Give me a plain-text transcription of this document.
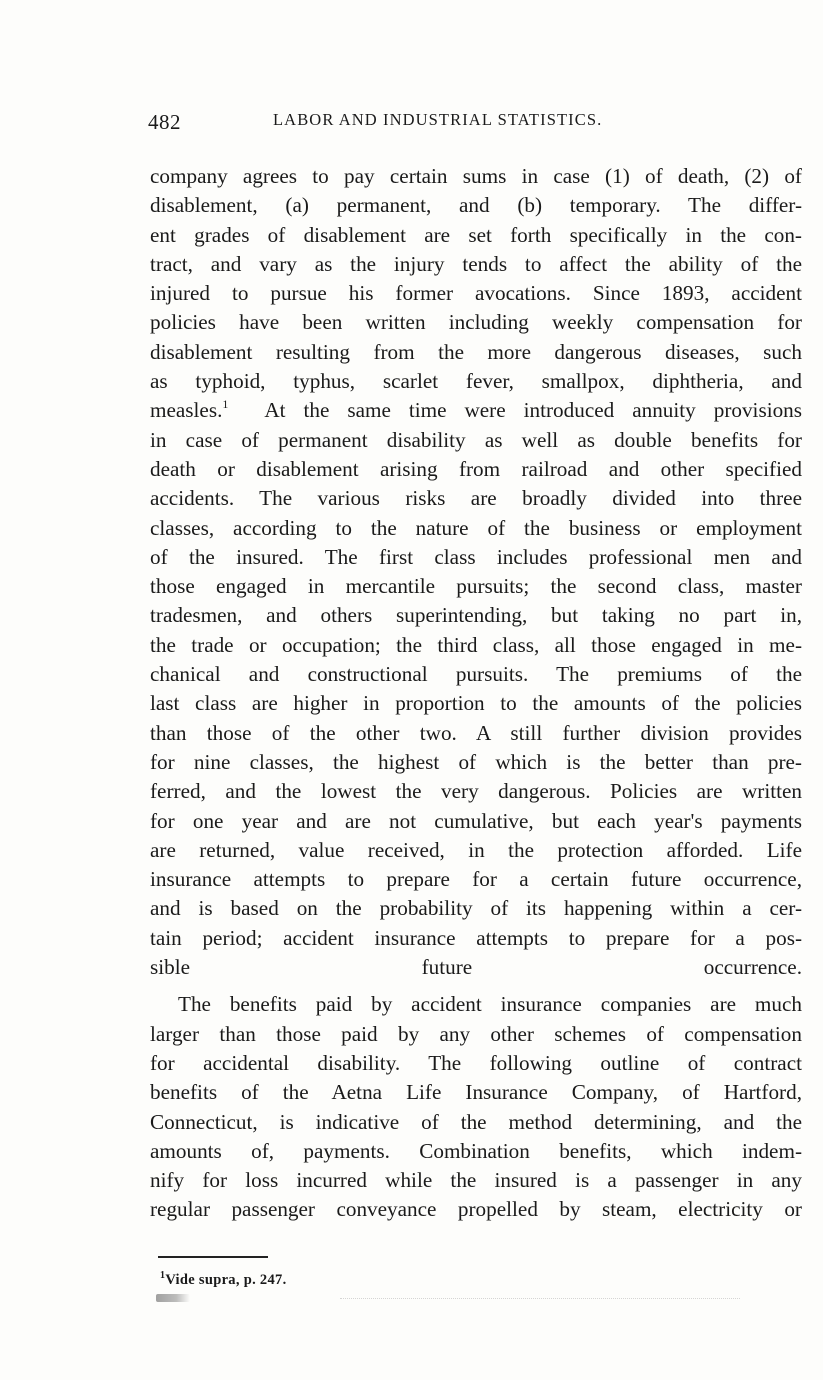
482	LABOR AND INDUSTRIAL STATISTICS.
company agrees to pay certain sums in case (1) of death, (2) of
disablement, (a) permanent, and (b) temporary. The differ-
ent grades of disablement are set forth specifically in the con-
tract, and vary as the injury tends to affect the ability of the
injured to pursue his former avocations. Since 1893, accident
policies have been written including weekly compensation for
disablement resulting from the more dangerous diseases, such
as typhoid, typhus, scarlet fever, smallpox, diphtheria, and
measles.$^1$ At the same time were introduced annuity provisions
in case of permanent disability as well as double benefits for
death or disablement arising from railroad and other specified
accidents. The various risks are broadly divided into three
classes, according to the nature of the business or employment
of the insured. The first class includes professional men and
those engaged in mercantile pursuits; the second class, master
tradesmen, and others superintending, but taking no part in,
the trade or occupation; the third class, all those engaged in me-
chanical and constructional pursuits. The premiums of the
last class are higher in proportion to the amounts of the policies
than those of the other two. A still further division provides
for nine classes, the highest of which is the better than pre-
ferred, and the lowest the very dangerous. Policies are written
for one year and are not cumulative, but each year's payments
are returned, value received, in the protection afforded. Life
insurance attempts to prepare for a certain future occurrence,
and is based on the probability of its happening within a cer-
tain period; accident insurance attempts to prepare for a pos-
sible future occurrence.
The benefits paid by accident insurance companies are much
larger than those paid by any other schemes of compensation
for accidental disability. The following outline of contract
benefits of the Aetna Life Insurance Company, of Hartford,
Connecticut, is indicative of the method determining, and the
amounts of, payments. Combination benefits, which indem-
nify for loss incurred while the insured is a passenger in any
regular passenger conveyance propelled by steam, electricity or
$^1$Vide supra, p. 247.
